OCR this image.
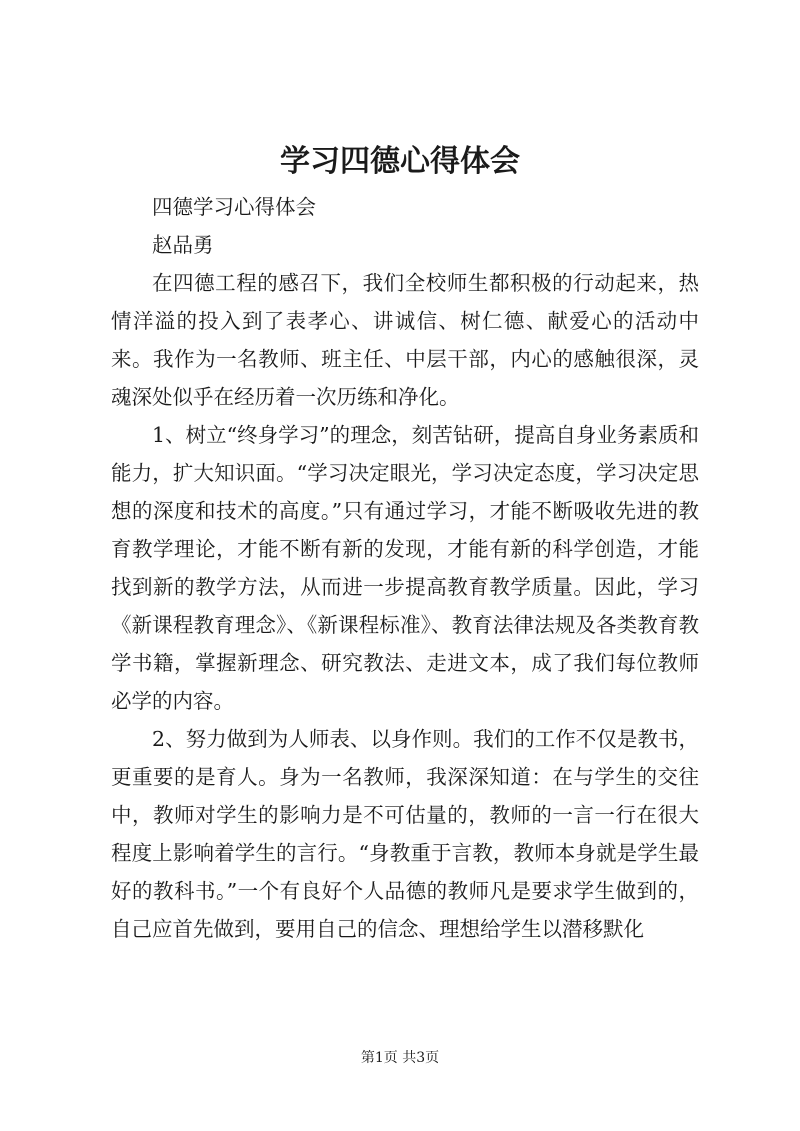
学习四德心得体会

四德学习心得体会

赵品勇

在四德工程的感召下，我们全校师生都积极的行动起来，热情洋溢的投入到了表孝心、讲诚信、树仁德、献爱心的活动中来。我作为一名教师、班主任、中层干部，内心的感触很深，灵魂深处似乎在经历着一次历练和净化。

1、树立“终身学习”的理念，刻苦钻研，提高自身业务素质和能力，扩大知识面。“学习决定眼光，学习决定态度，学习决定思想的深度和技术的高度。”只有通过学习，才能不断吸收先进的教育教学理论，才能不断有新的发现，才能有新的科学创造，才能找到新的教学方法，从而进一步提高教育教学质量。因此，学习《新课程教育理念》、《新课程标准》、教育法律法规及各类教育教学书籍，掌握新理念、研究教法、走进文本，成了我们每位教师必学的内容。

2、努力做到为人师表、以身作则。我们的工作不仅是教书，更重要的是育人。身为一名教师，我深深知道：在与学生的交往中，教师对学生的影响力是不可估量的，教师的一言一行在很大程度上影响着学生的言行。“身教重于言教，教师本身就是学生最好的教科书。”一个有良好个人品德的教师凡是要求学生做到的，自己应首先做到，要用自己的信念、理想给学生以潜移默化

第1页 共3页
